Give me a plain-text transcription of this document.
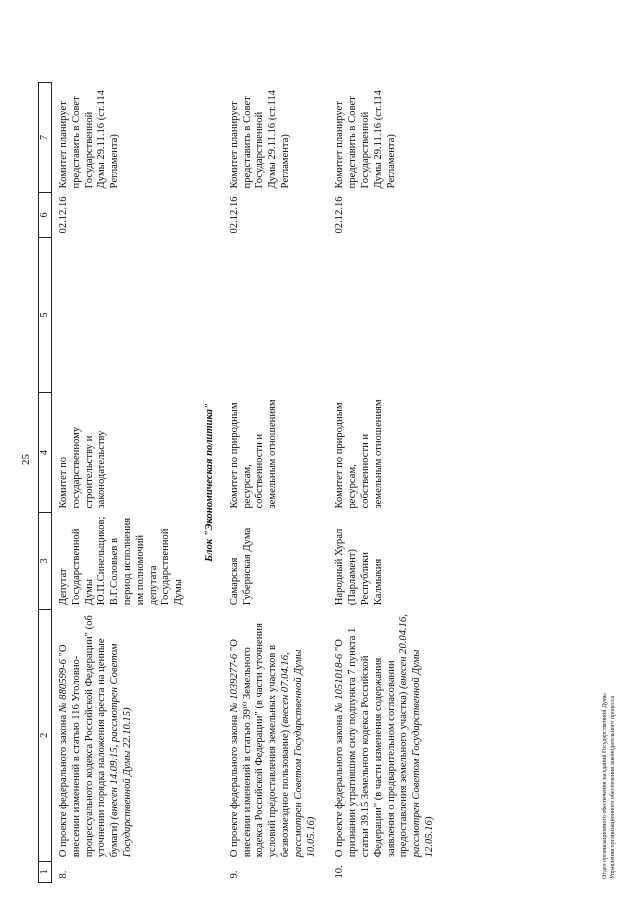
25
1	2	3	4	5	6	7
8.	О проекте федерального закона № 880599-6 "О внесении изменений в статью 116 Уголовно-процессуального кодекса Российской Федерации" (об уточнении порядка наложения ареста на ценные бумаги) (внесен 14.09.15, рассмотрен Советом Государственной Думы 22.10.15)	Депутат Государственной Думы Ю.П.Синельщиков; В.Г.Соловьев в период исполнения им полномочий депутата Государственной Думы	Комитет по государственному строительству и законодательству		02.12.16	Комитет планирует представить в Совет Государственной Думы 29.11.16 (ст.114 Регламента)
Блок "Экономическая политика"						
9.	О проекте федерального закона № 1039277-6 "О внесении изменений в статью 39¹⁰ Земельного кодекса Российской Федерации" (в части уточнения условий предоставления земельных участков в безвозмездное пользование) (внесен 07.04.16, рассмотрен Советом Государственной Думы 10.05.16)	Самарская Губернская Дума	Комитет по природным ресурсам, собственности и земельным отношениям		02.12.16	Комитет планирует представить в Совет Государственной Думы 29.11.16 (ст.114 Регламента)
10.	О проекте федерального закона № 1051018-6 "О признании утратившим силу подпункта 7 пункта 1 статьи 39.15 Земельного кодекса Российской Федерации" (в части изменения содержания заявления о предварительном согласовании предоставления земельного участка) (внесен 20.04.16, рассмотрен Советом Государственной Думы 12.05.16)	Народный Хурал (Парламент) Республики Калмыкия	Комитет по природным ресурсам, собственности и земельным отношениям		02.12.16	Комитет планирует представить в Совет Государственной Думы 29.11.16 (ст.114 Регламента)
Отдел организационного обеспечения заседаний Государственной Думы Управления организационного обеспечения законодательного процесса
